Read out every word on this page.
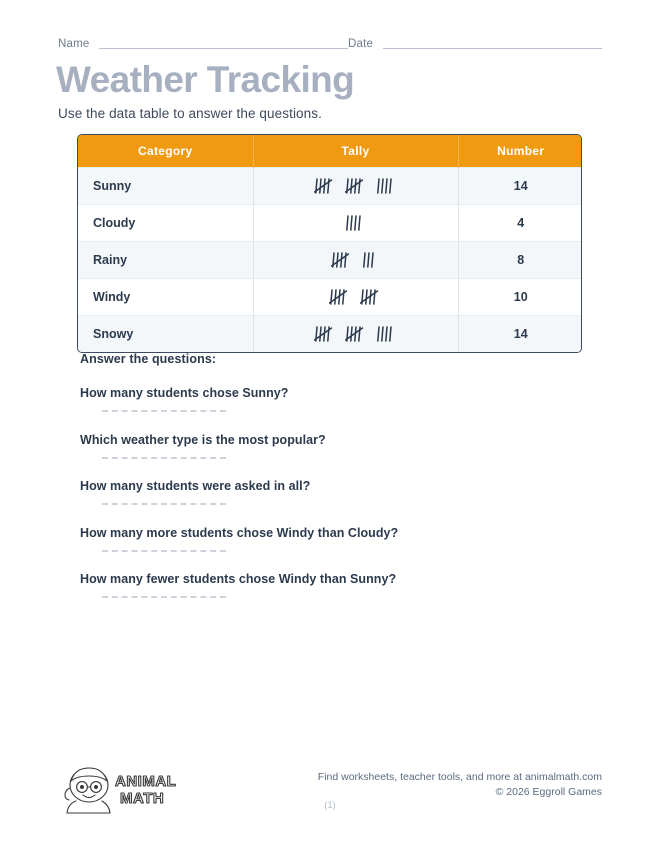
Name	Date
Weather Tracking
Use the data table to answer the questions.
Category	Tally	Number
Sunny		14
Cloudy		4
Rainy		8
Windy		10
Snowy		14
Answer the questions:
How many students chose Sunny?
Which weather type is the most popular?
How many students were asked in all?
How many more students chose Windy than Cloudy?
How many fewer students chose Windy than Sunny?
ANIMAL
MATH
Find worksheets, teacher tools, and more at animalmath.com
© 2026 Eggroll Games
(1)
